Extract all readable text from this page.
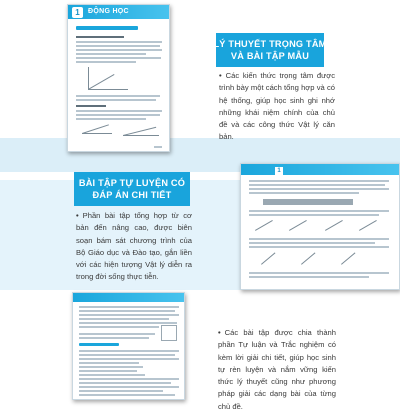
1	ĐỘNG HỌC
LÝ THUYẾT TRỌNG TÂM
VÀ BÀI TẬP MẪU
• Các kiến thức trọng tâm được trình bày một cách tổng hợp và có hệ thống, giúp học sinh ghi nhớ những khái niệm chính của chủ đề và các công thức Vật lý căn bản.
BÀI TẬP TỰ LUYỆN CÓ
ĐÁP ÁN CHI TIẾT
• Phần bài tập tổng hợp từ cơ bản đến nâng cao, được biên soạn bám sát chương trình của Bộ Giáo dục và Đào tạo, gắn liền với các hiện tượng Vật lý diễn ra trong đời sống thực tiễn.
1
• Các bài tập được chia thành phần Tự luận và Trắc nghiệm có kèm lời giải chi tiết, giúp học sinh tự rèn luyện và nắm vững kiến thức lý thuyết cũng như phương pháp giải các dạng bài của từng chủ đề.
